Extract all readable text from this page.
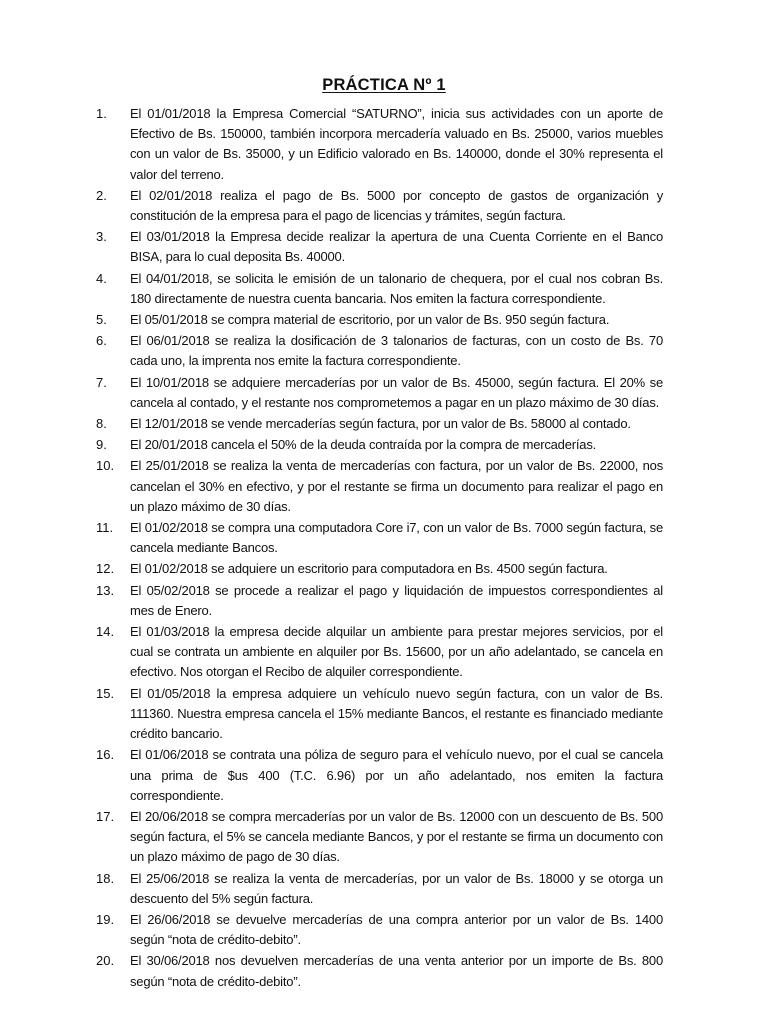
PRÁCTICA Nº 1
1.	El 01/01/2018 la Empresa Comercial “SATURNO”, inicia sus actividades con un aporte de Efectivo de Bs. 150000, también incorpora mercadería valuado en Bs. 25000, varios muebles con un valor de Bs. 35000, y un Edificio valorado en Bs. 140000, donde el 30% representa el valor del terreno.
2.	El 02/01/2018 realiza el pago de Bs. 5000 por concepto de gastos de organización y constitución de la empresa para el pago de licencias y trámites, según factura.
3.	El 03/01/2018 la Empresa decide realizar la apertura de una Cuenta Corriente en el Banco BISA, para lo cual deposita Bs. 40000.
4.	El 04/01/2018, se solicita le emisión de un talonario de chequera, por el cual nos cobran Bs. 180 directamente de nuestra cuenta bancaria. Nos emiten la factura correspondiente.
5.	El 05/01/2018 se compra material de escritorio, por un valor de Bs. 950 según factura.
6.	El 06/01/2018 se realiza la dosificación de 3 talonarios de facturas, con un costo de Bs. 70 cada uno, la imprenta nos emite la factura correspondiente.
7.	El 10/01/2018 se adquiere mercaderías por un valor de Bs. 45000, según factura. El 20% se cancela al contado, y el restante nos comprometemos a pagar en un plazo máximo de 30 días.
8.	El 12/01/2018 se vende mercaderías según factura, por un valor de Bs. 58000 al contado.
9.	El 20/01/2018 cancela el 50% de la deuda contraída por la compra de mercaderías.
10.	El 25/01/2018 se realiza la venta de mercaderías con factura, por un valor de Bs. 22000, nos cancelan el 30% en efectivo, y por el restante se firma un documento para realizar el pago en un plazo máximo de 30 días.
11.	El 01/02/2018 se compra una computadora Core i7, con un valor de Bs. 7000 según factura, se cancela mediante Bancos.
12.	El 01/02/2018 se adquiere un escritorio para computadora en Bs. 4500 según factura.
13.	El 05/02/2018 se procede a realizar el pago y liquidación de impuestos correspondientes al mes de Enero.
14.	El 01/03/2018 la empresa decide alquilar un ambiente para prestar mejores servicios, por el cual se contrata un ambiente en alquiler por Bs. 15600, por un año adelantado, se cancela en efectivo. Nos otorgan el Recibo de alquiler correspondiente.
15.	El 01/05/2018 la empresa adquiere un vehículo nuevo según factura, con un valor de Bs. 111360. Nuestra empresa cancela el 15% mediante Bancos, el restante es financiado mediante crédito bancario.
16.	El 01/06/2018 se contrata una póliza de seguro para el vehículo nuevo, por el cual se cancela una prima de $us 400 (T.C. 6.96) por un año adelantado, nos emiten la factura correspondiente.
17.	El 20/06/2018 se compra mercaderías por un valor de Bs. 12000 con un descuento de Bs. 500 según factura, el 5% se cancela mediante Bancos, y por el restante se firma un documento con un plazo máximo de pago de 30 días.
18.	El 25/06/2018 se realiza la venta de mercaderías, por un valor de Bs. 18000 y se otorga un descuento del 5% según factura.
19.	El 26/06/2018 se devuelve mercaderías de una compra anterior por un valor de Bs. 1400 según “nota de crédito-debito”.
20.	El 30/06/2018 nos devuelven mercaderías de una venta anterior por un importe de Bs. 800 según “nota de crédito-debito”.
